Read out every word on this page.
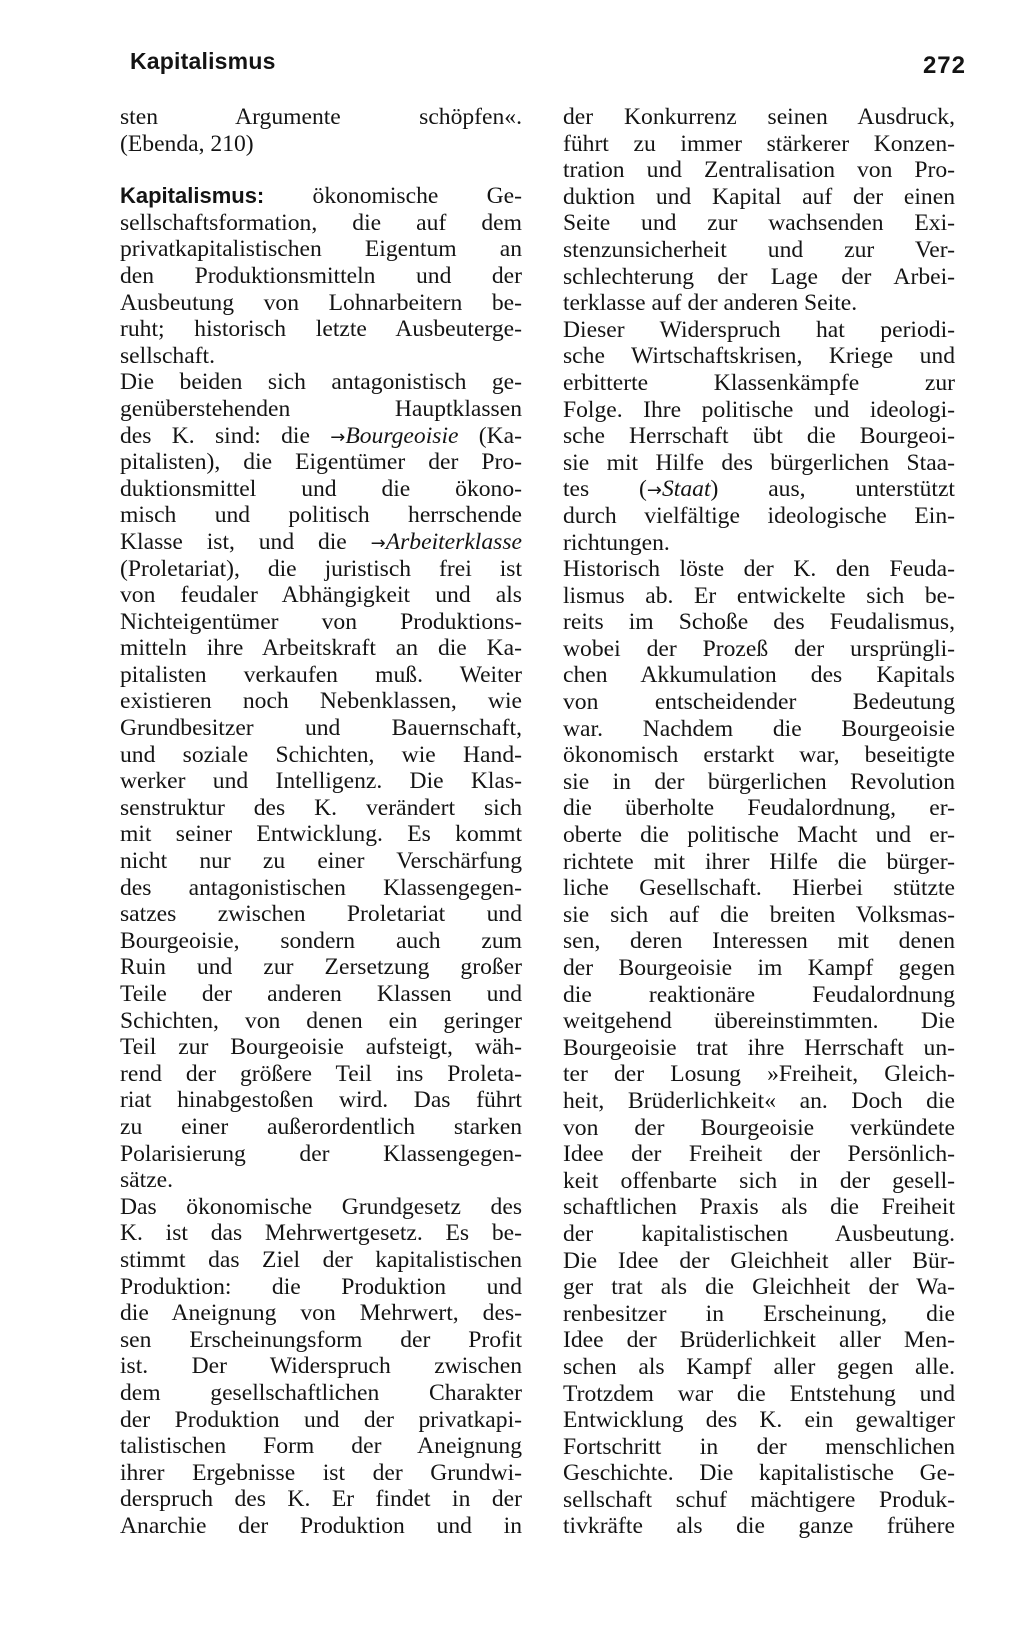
Kapitalismus	272
sten Argumente schöpfen«.
(Ebenda, 210)
Kapitalismus: ökonomische Ge-
sellschaftsformation, die auf dem
privatkapitalistischen Eigentum an
den Produktionsmitteln und der
Ausbeutung von Lohnarbeitern be-
ruht; historisch letzte Ausbeuterge-
sellschaft.
Die beiden sich antagonistisch ge-
genüberstehenden Hauptklassen
des K. sind: die →Bourgeoisie (Ka-
pitalisten), die Eigentümer der Pro-
duktionsmittel und die ökono-
misch und politisch herrschende
Klasse ist, und die →Arbeiterklasse
(Proletariat), die juristisch frei ist
von feudaler Abhängigkeit und als
Nichteigentümer von Produktions-
mitteln ihre Arbeitskraft an die Ka-
pitalisten verkaufen muß. Weiter
existieren noch Nebenklassen, wie
Grundbesitzer und Bauernschaft,
und soziale Schichten, wie Hand-
werker und Intelligenz. Die Klas-
senstruktur des K. verändert sich
mit seiner Entwicklung. Es kommt
nicht nur zu einer Verschärfung
des antagonistischen Klassengegen-
satzes zwischen Proletariat und
Bourgeoisie, sondern auch zum
Ruin und zur Zersetzung großer
Teile der anderen Klassen und
Schichten, von denen ein geringer
Teil zur Bourgeoisie aufsteigt, wäh-
rend der größere Teil ins Proleta-
riat hinabgestoßen wird. Das führt
zu einer außerordentlich starken
Polarisierung der Klassengegen-
sätze.
Das ökonomische Grundgesetz des
K. ist das Mehrwertgesetz. Es be-
stimmt das Ziel der kapitalistischen
Produktion: die Produktion und
die Aneignung von Mehrwert, des-
sen Erscheinungsform der Profit
ist. Der Widerspruch zwischen
dem gesellschaftlichen Charakter
der Produktion und der privatkapi-
talistischen Form der Aneignung
ihrer Ergebnisse ist der Grundwi-
derspruch des K. Er findet in der
Anarchie der Produktion und in
der Konkurrenz seinen Ausdruck,
führt zu immer stärkerer Konzen-
tration und Zentralisation von Pro-
duktion und Kapital auf der einen
Seite und zur wachsenden Exi-
stenzunsicherheit und zur Ver-
schlechterung der Lage der Arbei-
terklasse auf der anderen Seite.
Dieser Widerspruch hat periodi-
sche Wirtschaftskrisen, Kriege und
erbitterte Klassenkämpfe zur
Folge. Ihre politische und ideologi-
sche Herrschaft übt die Bourgeoi-
sie mit Hilfe des bürgerlichen Staa-
tes (→Staat) aus, unterstützt
durch vielfältige ideologische Ein-
richtungen.
Historisch löste der K. den Feuda-
lismus ab. Er entwickelte sich be-
reits im Schoße des Feudalismus,
wobei der Prozeß der ursprüngli-
chen Akkumulation des Kapitals
von entscheidender Bedeutung
war. Nachdem die Bourgeoisie
ökonomisch erstarkt war, beseitigte
sie in der bürgerlichen Revolution
die überholte Feudalordnung, er-
oberte die politische Macht und er-
richtete mit ihrer Hilfe die bürger-
liche Gesellschaft. Hierbei stützte
sie sich auf die breiten Volksmas-
sen, deren Interessen mit denen
der Bourgeoisie im Kampf gegen
die reaktionäre Feudalordnung
weitgehend übereinstimmten. Die
Bourgeoisie trat ihre Herrschaft un-
ter der Losung »Freiheit, Gleich-
heit, Brüderlichkeit« an. Doch die
von der Bourgeoisie verkündete
Idee der Freiheit der Persönlich-
keit offenbarte sich in der gesell-
schaftlichen Praxis als die Freiheit
der kapitalistischen Ausbeutung.
Die Idee der Gleichheit aller Bür-
ger trat als die Gleichheit der Wa-
renbesitzer in Erscheinung, die
Idee der Brüderlichkeit aller Men-
schen als Kampf aller gegen alle.
Trotzdem war die Entstehung und
Entwicklung des K. ein gewaltiger
Fortschritt in der menschlichen
Geschichte. Die kapitalistische Ge-
sellschaft schuf mächtigere Produk-
tivkräfte als die ganze frühere
